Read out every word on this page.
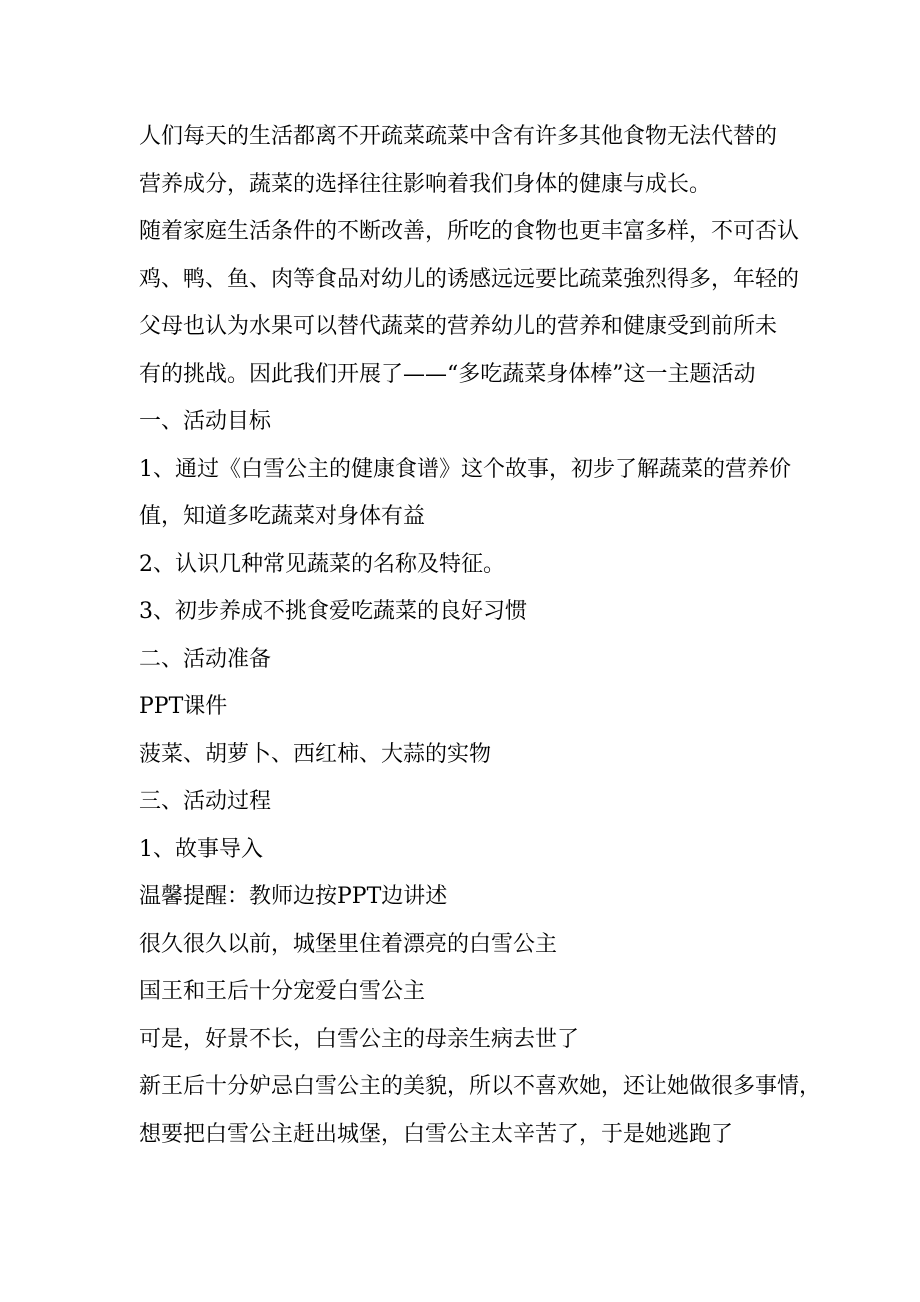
人们每天的生活都离不开疏菜疏菜中含有许多其他食物无法代替的
营养成分，蔬菜的选择往往影响着我们身体的健康与成长。
随着家庭生活条件的不断改善，所吃的食物也更丰富多样，不可否认
鸡、鸭、鱼、肉等食品对幼儿的诱感远远要比疏菜強烈得多，年轻的
父母也认为水果可以替代蔬菜的营养幼儿的营养和健康受到前所未
有的挑战。因此我们开展了——“多吃蔬菜身体棒”这一主题活动
一、活动目标
1、通过《白雪公主的健康食谱》这个故事，初步了解蔬菜的营养价
值，知道多吃蔬菜对身体有益
2、认识几种常见蔬菜的名称及特征。
3、初步养成不挑食爱吃蔬菜的良好习惯
二、活动准备
PPT课件
菠菜、胡萝卜、西红柿、大蒜的实物
三、活动过程
1、故事导入
温馨提醒：教师边按PPT边讲述
很久很久以前，城堡里住着漂亮的白雪公主
国王和王后十分宠爱白雪公主
可是，好景不长，白雪公主的母亲生病去世了
新王后十分妒忌白雪公主的美貌，所以不喜欢她，还让她做很多事情，
想要把白雪公主赶出城堡，白雪公主太辛苦了，于是她逃跑了
